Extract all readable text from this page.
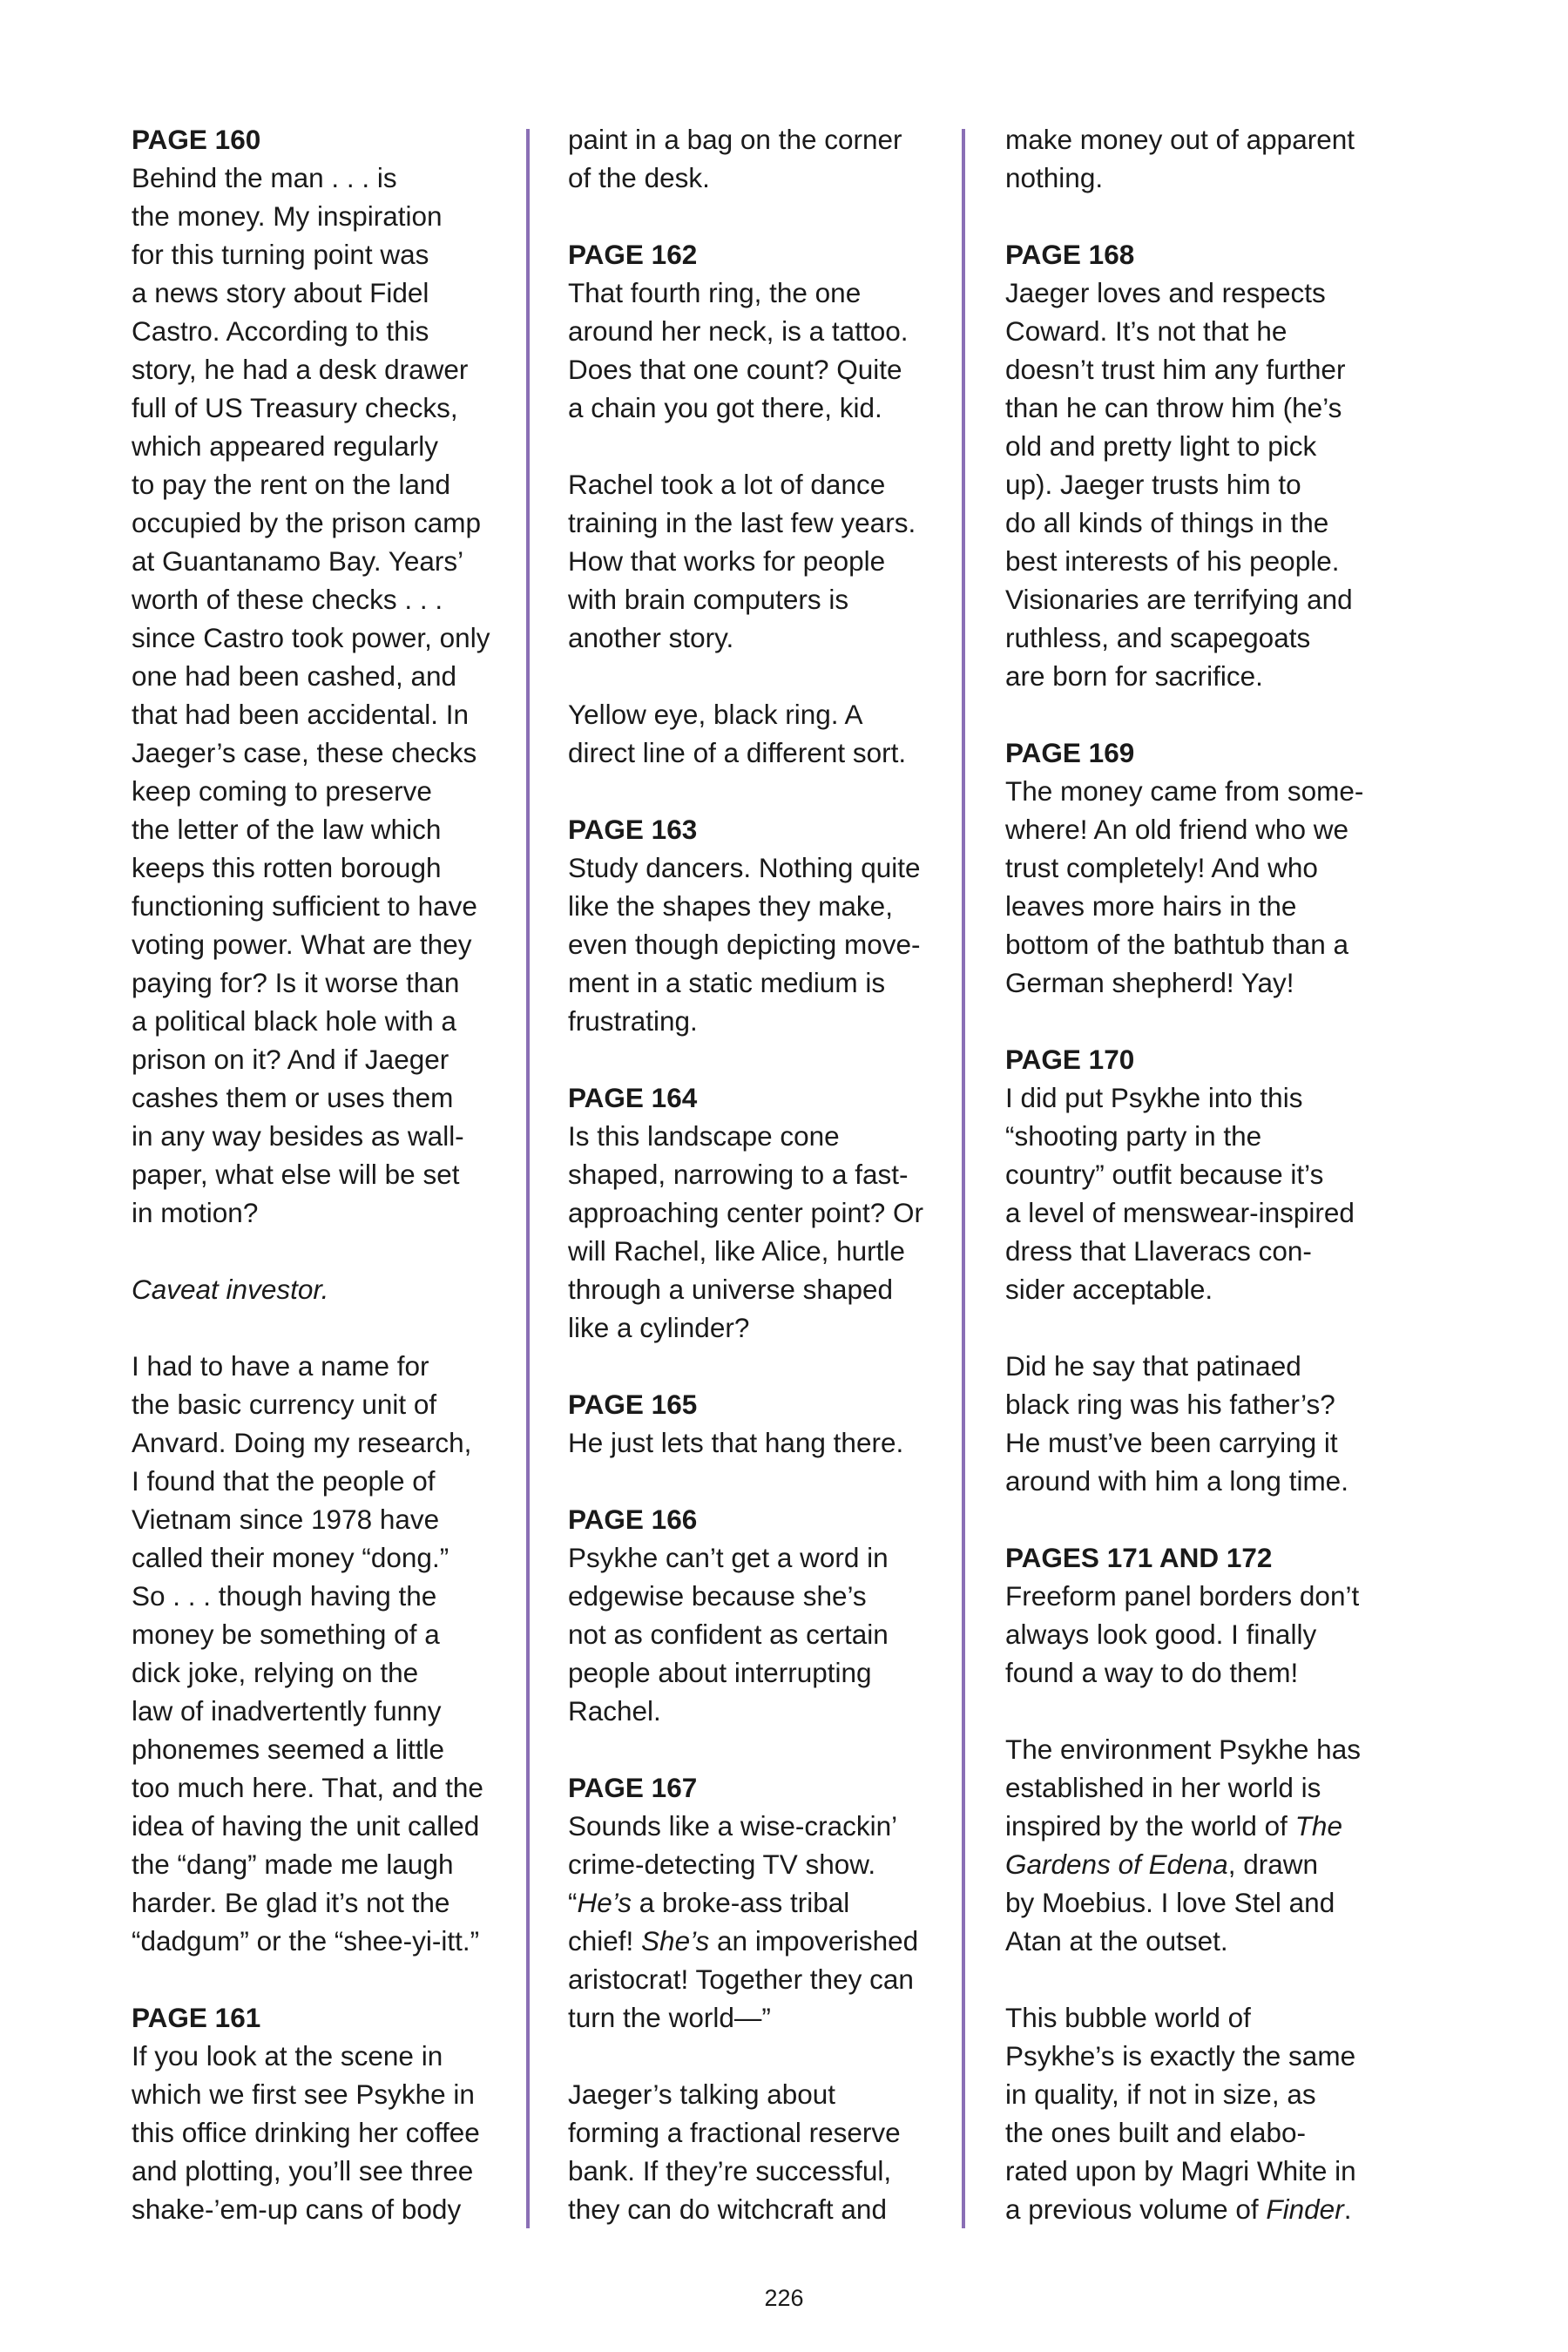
PAGE 160

Behind the man . . . is
the money. My inspiration
for this turning point was
a news story about Fidel
Castro. According to this
story, he had a desk drawer
full of US Treasury checks,
which appeared regularly
to pay the rent on the land
occupied by the prison camp
at Guantanamo Bay. Years’
worth of these checks . . .
since Castro took power, only
one had been cashed, and
that had been accidental. In
Jaeger’s case, these checks
keep coming to preserve
the letter of the law which
keeps this rotten borough
functioning sufficient to have
voting power. What are they
paying for? Is it worse than
a political black hole with a
prison on it? And if Jaeger
cashes them or uses them
in any way besides as wall-
paper, what else will be set
in motion?

Caveat investor.

I had to have a name for
the basic currency unit of
Anvard. Doing my research,
I found that the people of
Vietnam since 1978 have
called their money “dong.”
So . . . though having the
money be something of a
dick joke, relying on the
law of inadvertently funny
phonemes seemed a little
too much here. That, and the
idea of having the unit called
the “dang” made me laugh
harder. Be glad it’s not the
“dadgum” or the “shee-yi-itt.”

PAGE 161

If you look at the scene in
which we first see Psykhe in
this office drinking her coffee
and plotting, you’ll see three
shake-’em-up cans of body

paint in a bag on the corner
of the desk.

PAGE 162

That fourth ring, the one
around her neck, is a tattoo.
Does that one count? Quite
a chain you got there, kid.

Rachel took a lot of dance
training in the last few years.
How that works for people
with brain computers is
another story.

Yellow eye, black ring. A
direct line of a different sort.

PAGE 163

Study dancers. Nothing quite
like the shapes they make,
even though depicting move-
ment in a static medium is
frustrating.

PAGE 164

Is this landscape cone
shaped, narrowing to a fast-
approaching center point? Or
will Rachel, like Alice, hurtle
through a universe shaped
like a cylinder?

PAGE 165

He just lets that hang there.

PAGE 166

Psykhe can’t get a word in
edgewise because she’s
not as confident as certain
people about interrupting
Rachel.

PAGE 167

Sounds like a wise-crackin’
crime-detecting TV show.
“He’s a broke-ass tribal
chief! She’s an impoverished
aristocrat! Together they can
turn the world—”

Jaeger’s talking about
forming a fractional reserve
bank. If they’re successful,
they can do witchcraft and

make money out of apparent
nothing.

PAGE 168

Jaeger loves and respects
Coward. It’s not that he
doesn’t trust him any further
than he can throw him (he’s
old and pretty light to pick
up). Jaeger trusts him to
do all kinds of things in the
best interests of his people.
Visionaries are terrifying and
ruthless, and scapegoats
are born for sacrifice.

PAGE 169

The money came from some-
where! An old friend who we
trust completely! And who
leaves more hairs in the
bottom of the bathtub than a
German shepherd! Yay!

PAGE 170

I did put Psykhe into this
“shooting party in the
country” outfit because it’s
a level of menswear-inspired
dress that Llaveracs con-
sider acceptable.

Did he say that patinaed
black ring was his father’s?
He must’ve been carrying it
around with him a long time.

PAGES 171 AND 172

Freeform panel borders don’t
always look good. I finally
found a way to do them!

The environment Psykhe has
established in her world is
inspired by the world of The
Gardens of Edena, drawn
by Moebius. I love Stel and
Atan at the outset.

This bubble world of
Psykhe’s is exactly the same
in quality, if not in size, as
the ones built and elabo-
rated upon by Magri White in
a previous volume of Finder.

226
